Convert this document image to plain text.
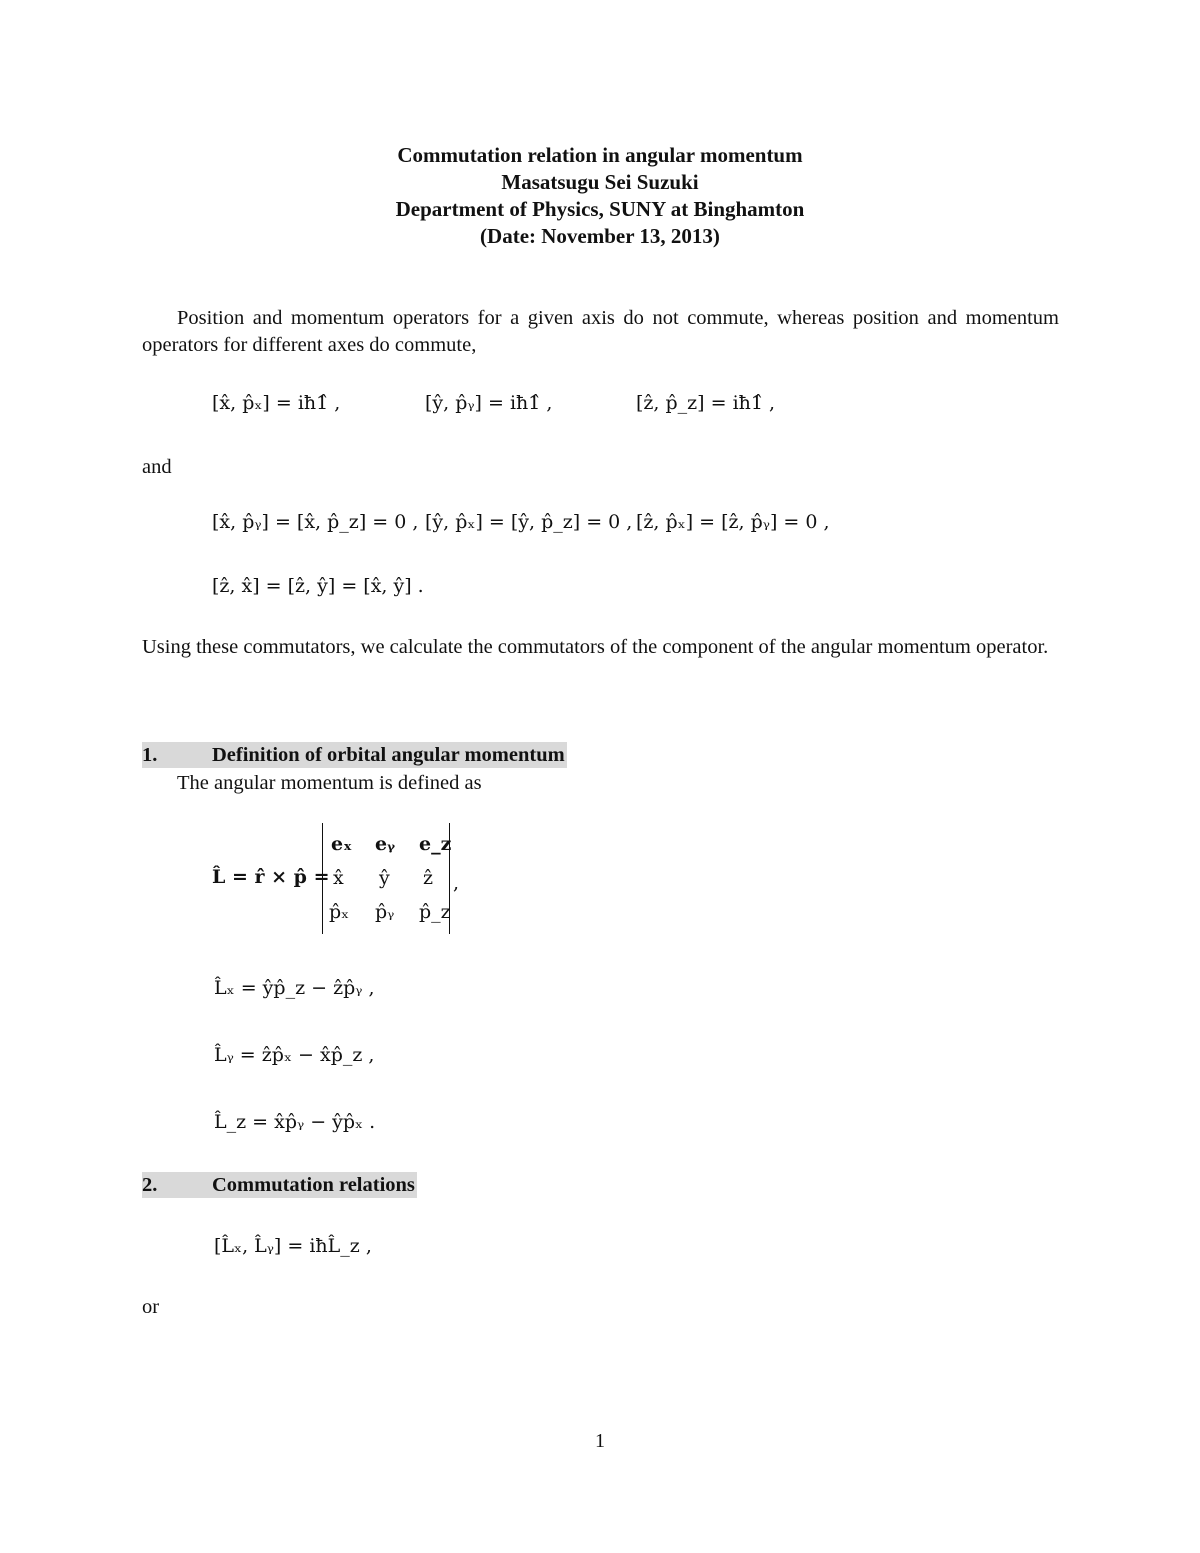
Commutation relation in angular momentum
Masatsugu Sei Suzuki
Department of Physics, SUNY at Binghamton
(Date: November 13, 2013)
Position and momentum operators for a given axis do not commute, whereas position and momentum operators for different axes do commute,
[x̂, p̂ₓ] = iħ1̂ ,	[ŷ, p̂ᵧ] = iħ1̂ ,	[ẑ, p̂_z] = iħ1̂ ,
and
[x̂, p̂ᵧ] = [x̂, p̂_z] = 0 , [ŷ, p̂ₓ] = [ŷ, p̂_z] = 0 , [ẑ, p̂ₓ] = [ẑ, p̂ᵧ] = 0 ,
[ẑ, x̂] = [ẑ, ŷ] = [x̂, ŷ] .
Using these commutators, we calculate the commutators of the component of the angular momentum operator.
1.	Definition of orbital angular momentum
The angular momentum is defined as
L̂ = r̂ × p̂ =
eₓ eᵧ e_z
x̂ ŷ ẑ
p̂ₓ p̂ᵧ p̂_z
,
L̂ₓ = ŷp̂_z − ẑp̂ᵧ ,
L̂ᵧ = ẑp̂ₓ − x̂p̂_z ,
L̂_z = x̂p̂ᵧ − ŷp̂ₓ .
2.	Commutation relations
[L̂ₓ, L̂ᵧ] = iħL̂_z ,
or
1
